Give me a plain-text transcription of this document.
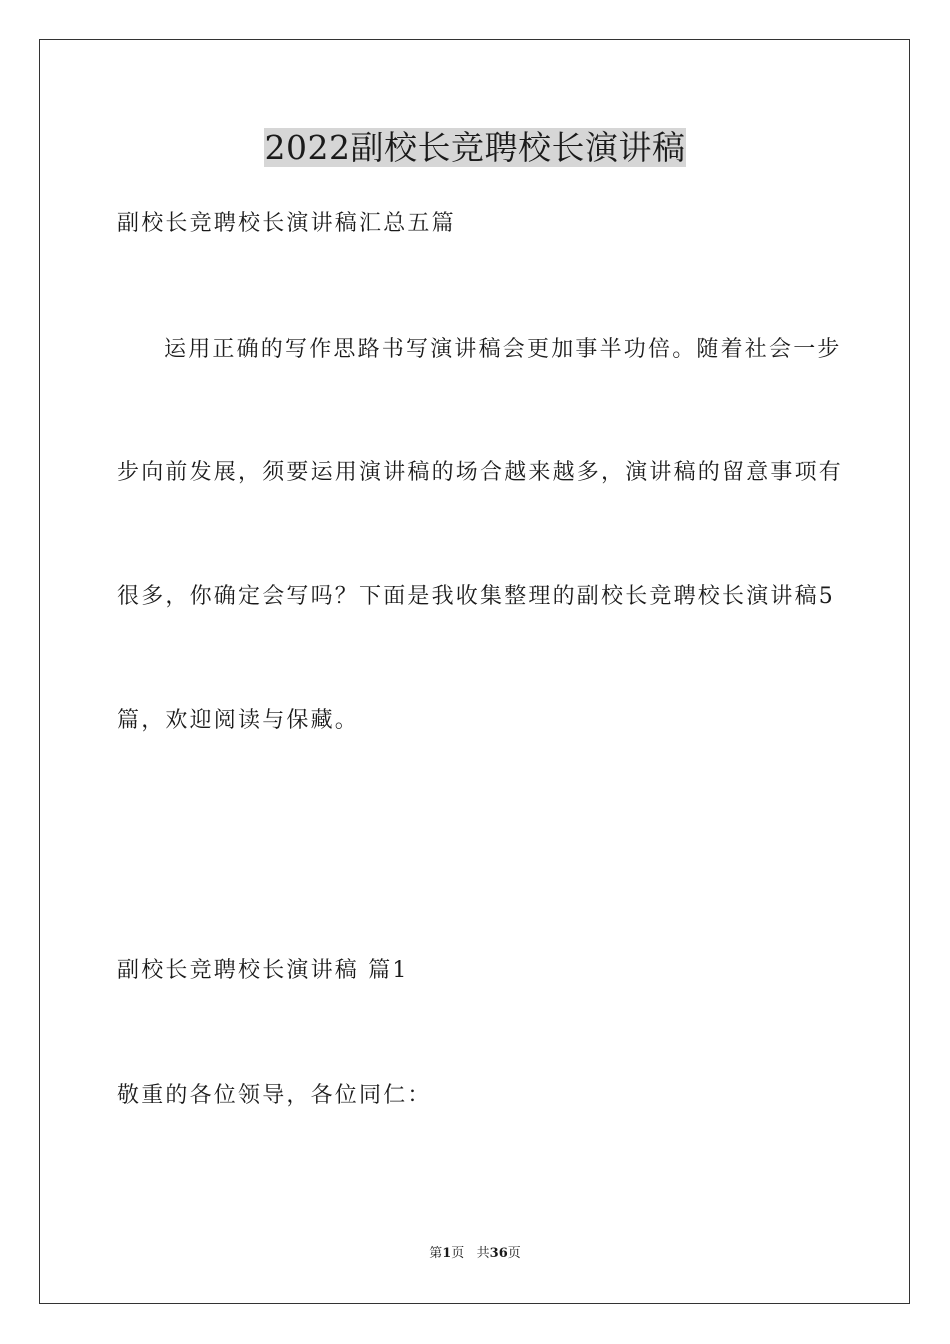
2022副校长竞聘校长演讲稿
副校长竞聘校长演讲稿汇总五篇
运用正确的写作思路书写演讲稿会更加事半功倍。随着社会一步
步向前发展，须要运用演讲稿的场合越来越多，演讲稿的留意事项有
很多，你确定会写吗？下面是我收集整理的副校长竞聘校长演讲稿5
篇，欢迎阅读与保藏。
副校长竞聘校长演讲稿 篇1
敬重的各位领导，各位同仁：
第1页   共36页
